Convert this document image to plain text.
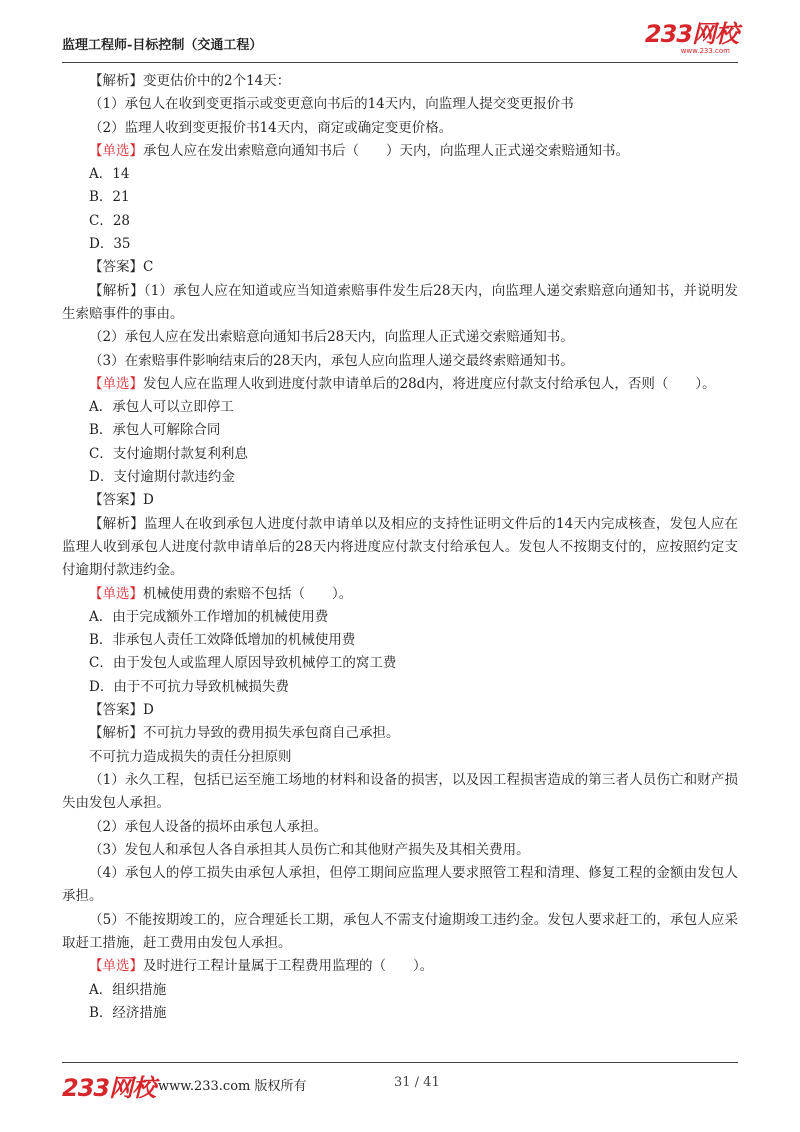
监理工程师-目标控制（交通工程）	233网校
www.233.com
【解析】变更估价中的2个14天：
（1）承包人在收到变更指示或变更意向书后的14天内，向监理人提交变更报价书
（2）监理人收到变更报价书14天内，商定或确定变更价格。
【单选】承包人应在发出索赔意向通知书后（　　）天内，向监理人正式递交索赔通知书。
A．14
B．21
C．28
D．35
【答案】C
【解析】（1）承包人应在知道或应当知道索赔事件发生后28天内，向监理人递交索赔意向通知书，并说明发生索赔事件的事由。
（2）承包人应在发出索赔意向通知书后28天内，向监理人正式递交索赔通知书。
（3）在索赔事件影响结束后的28天内，承包人应向监理人递交最终索赔通知书。
【单选】发包人应在监理人收到进度付款申请单后的28d内，将进度应付款支付给承包人，否则（　　）。
A．承包人可以立即停工
B．承包人可解除合同
C．支付逾期付款复利利息
D．支付逾期付款违约金
【答案】D
【解析】监理人在收到承包人进度付款申请单以及相应的支持性证明文件后的14天内完成核查，发包人应在监理人收到承包人进度付款申请单后的28天内将进度应付款支付给承包人。发包人不按期支付的，应按照约定支付逾期付款违约金。
【单选】机械使用费的索赔不包括（　　）。
A．由于完成额外工作增加的机械使用费
B．非承包人责任工效降低增加的机械使用费
C．由于发包人或监理人原因导致机械停工的窝工费
D．由于不可抗力导致机械损失费
【答案】D
【解析】不可抗力导致的费用损失承包商自己承担。
不可抗力造成损失的责任分担原则
（1）永久工程，包括已运至施工场地的材料和设备的损害，以及因工程损害造成的第三者人员伤亡和财产损失由发包人承担。
（2）承包人设备的损坏由承包人承担。
（3）发包人和承包人各自承担其人员伤亡和其他财产损失及其相关费用。
（4）承包人的停工损失由承包人承担，但停工期间应监理人要求照管工程和清理、修复工程的金额由发包人承担。
（5）不能按期竣工的，应合理延长工期，承包人不需支付逾期竣工违约金。发包人要求赶工的，承包人应采取赶工措施，赶工费用由发包人承担。
【单选】及时进行工程计量属于工程费用监理的（　　）。
A．组织措施
B．经济措施
233网校 www.233.com 版权所有	31 / 41
